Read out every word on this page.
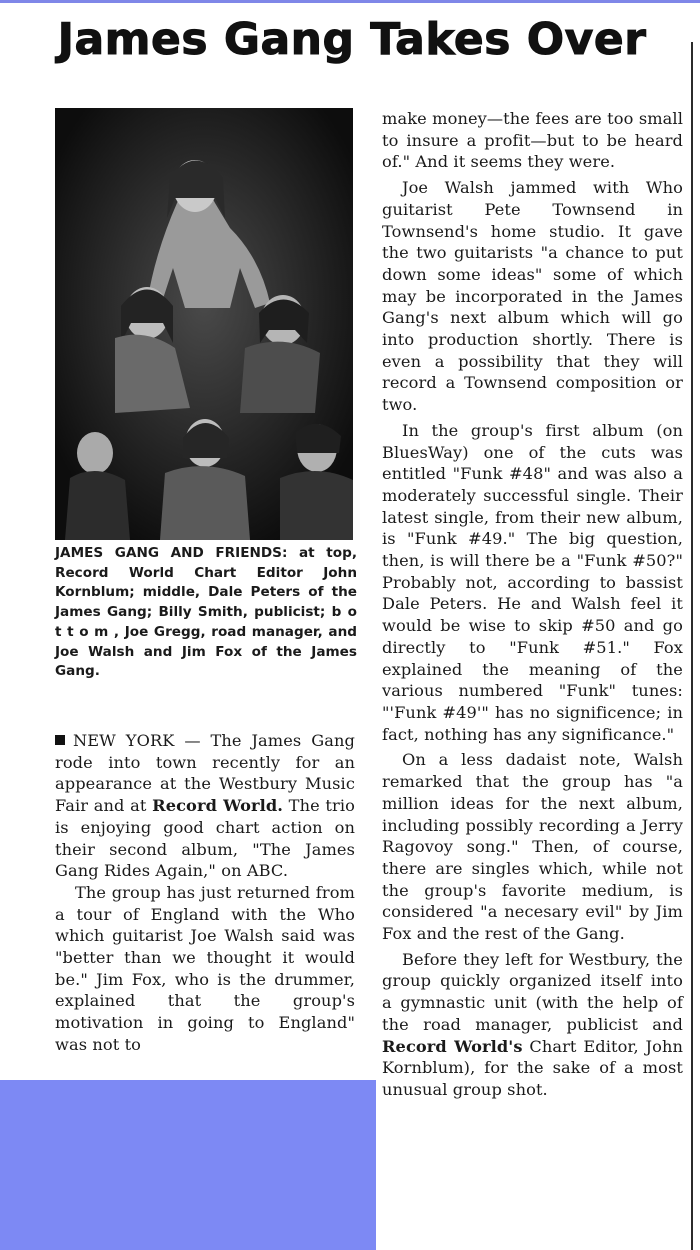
James Gang Takes Over

JAMES GANG AND FRIENDS: at top, Record World Chart Editor John Kornblum; middle, Dale Peters of the James Gang; Billy Smith, publicist; b o t t o m , Joe Gregg, road manager, and Joe Walsh and Jim Fox of the James Gang.

NEW YORK — The James Gang rode into town recently for an appearance at the Westbury Music Fair and at Record World. The trio is enjoying good chart action on their second album, "The James Gang Rides Again," on ABC.

The group has just returned from a tour of England with the Who which guitarist Joe Walsh said was "better than we thought it would be." Jim Fox, who is the drummer, explained that the group's motivation in going to England" was not to

make money—the fees are too small to insure a profit—but to be heard of." And it seems they were.

Joe Walsh jammed with Who guitarist Pete Townsend in Townsend's home studio. It gave the two guitarists "a chance to put down some ideas" some of which may be incorporated in the James Gang's next album which will go into production shortly. There is even a possibility that they will record a Townsend composition or two.

In the group's first album (on BluesWay) one of the cuts was entitled "Funk #48" and was also a moderately successful single. Their latest single, from their new album, is "Funk #49." The big question, then, is will there be a "Funk #50?" Probably not, according to bassist Dale Peters. He and Walsh feel it would be wise to skip #50 and go directly to "Funk #51." Fox explained the meaning of the various numbered "Funk" tunes: "'Funk #49'" has no significence; in fact, nothing has any significance."

On a less dadaist note, Walsh remarked that the group has "a million ideas for the next album, including possibly recording a Jerry Ragovoy song." Then, of course, there are singles which, while not the group's favorite medium, is considered "a necesary evil" by Jim Fox and the rest of the Gang.

Before they left for Westbury, the group quickly organized itself into a gymnastic unit (with the help of the road manager, publicist and Record World's Chart Editor, John Kornblum), for the sake of a most unusual group shot.
